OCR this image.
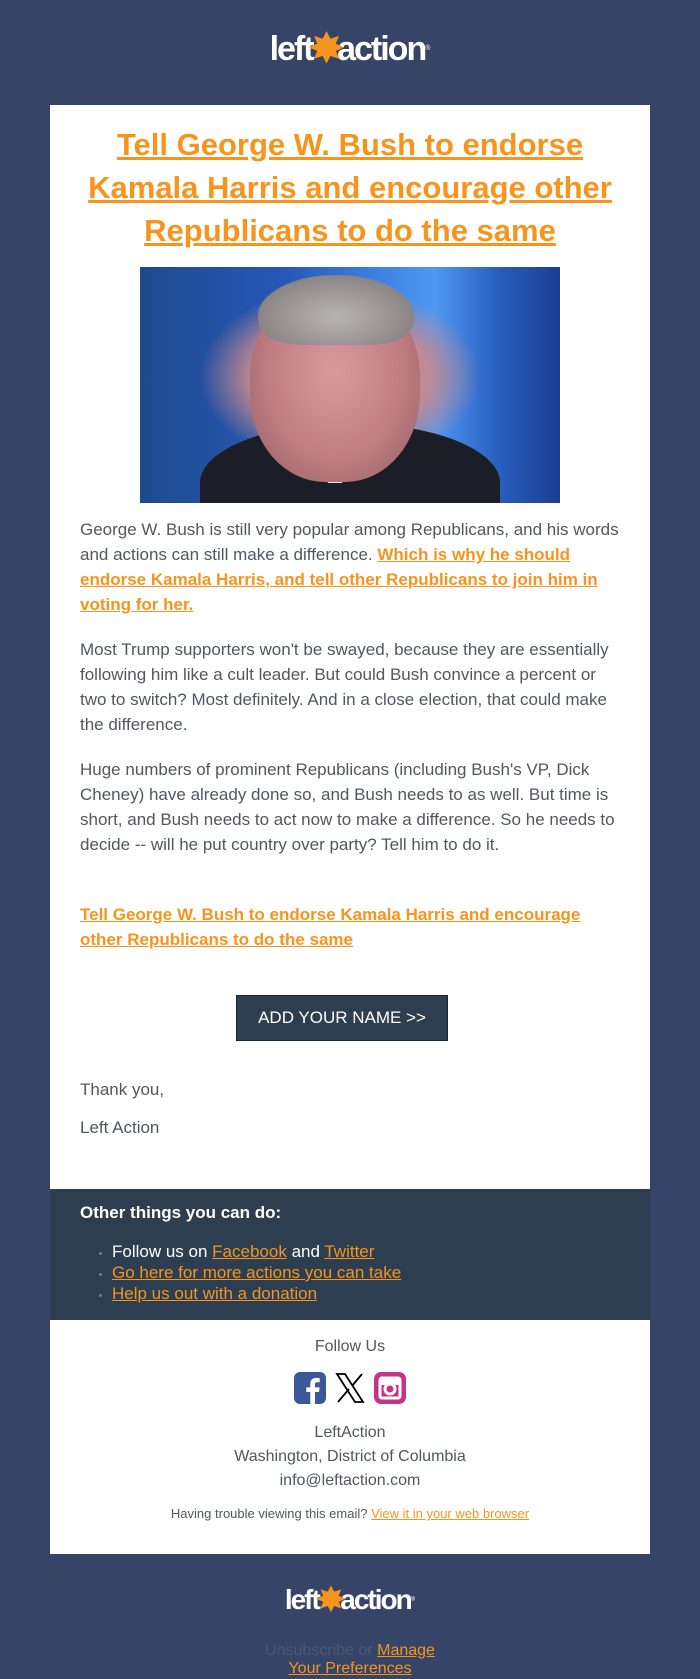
left✸action®
Tell George W. Bush to endorse Kamala Harris and encourage other Republicans to do the same

George W. Bush is still very popular among Republicans, and his words and actions can still make a difference. Which is why he should endorse Kamala Harris, and tell other Republicans to join him in voting for her.

Most Trump supporters won't be swayed, because they are essentially following him like a cult leader. But could Bush convince a percent or two to switch? Most definitely. And in a close election, that could make the difference.

Huge numbers of prominent Republicans (including Bush's VP, Dick Cheney) have already done so, and Bush needs to as well. But time is short, and Bush needs to act now to make a difference. So he needs to decide -- will he put country over party? Tell him to do it.

Tell George W. Bush to endorse Kamala Harris and encourage other Republicans to do the same

ADD YOUR NAME >>

Thank you,

Left Action

Other things you can do:
• Follow us on Facebook and Twitter
• Go here for more actions you can take
• Help us out with a donation
Follow Us

LeftAction
Washington, District of Columbia
info@leftaction.com
Having trouble viewing this email? View it in your web browser
left✸action®
Unsubscribe or Manage Your Preferences
